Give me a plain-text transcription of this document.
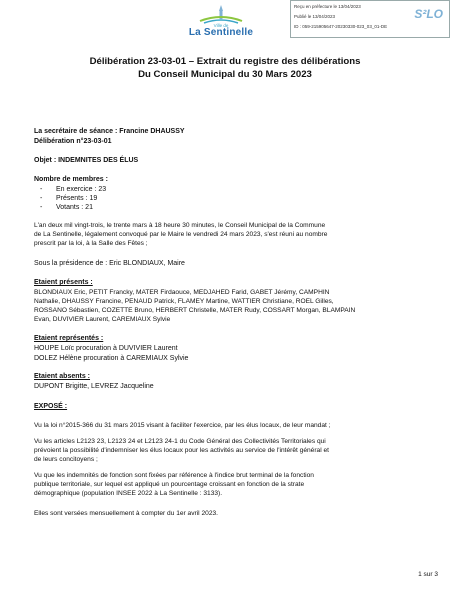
Ville de
La Sentinelle
Reçu en préfecture le 13/04/2023
Publié le 13/04/2023
ID : 059-215905647-20230330-023_03_01-DE
S²LO
Délibération 23-03-01 – Extrait du registre des délibérations
Du Conseil Municipal du 30 Mars 2023
La secrétaire de séance : Francine DHAUSSY
Délibération n°23-03-01
Objet : INDEMNITES DES ÉLUS
Nombre de membres :
- En exercice : 23
- Présents : 19
- Votants : 21
L'an deux mil vingt-trois, le trente mars à 18 heure 30 minutes, le Conseil Municipal de la Commune
de La Sentinelle, légalement convoqué par le Maire le vendredi 24 mars 2023, s'est réuni au nombre
prescrit par la loi, à la Salle des Fêtes ;
Sous la présidence de : Eric BLONDIAUX, Maire
Etaient présents :
BLONDIAUX Eric, PETIT Francky, MATER Firdaouce, MEDJAHED Farid, GABET Jérémy, CAMPHIN
Nathalie, DHAUSSY Francine, PENAUD Patrick, FLAMEY Martine, WATTIER Christiane, ROEL Gilles,
ROSSANO Sébastien, COZETTE Bruno, HERBERT Christelle, MATER Rudy, COSSART Morgan, BLAMPAIN
Evan, DUVIVIER Laurent, CAREMIAUX Sylvie
Etaient représentés :
HOUPE Loïc procuration à DUVIVIER Laurent
DOLEZ Hélène procuration à CAREMIAUX Sylvie
Etaient absents :
DUPONT Brigitte, LEVREZ Jacqueline
EXPOSÉ :
Vu la loi n°2015-366 du 31 mars 2015 visant à faciliter l'exercice, par les élus locaux, de leur mandat ;
Vu les articles L2123 23, L2123 24 et L2123 24-1 du Code Général des Collectivités Territoriales qui
prévoient la possibilité d'indemniser les élus locaux pour les activités au service de l'intérêt général et
de leurs concitoyens ;
Vu que les indemnités de fonction sont fixées par référence à l'indice brut terminal de la fonction
publique territoriale, sur lequel est appliqué un pourcentage croissant en fonction de la strate
démographique (population INSEE 2022 à La Sentinelle : 3133).
Elles sont versées mensuellement à compter du 1er avril 2023.
1 sur 3
